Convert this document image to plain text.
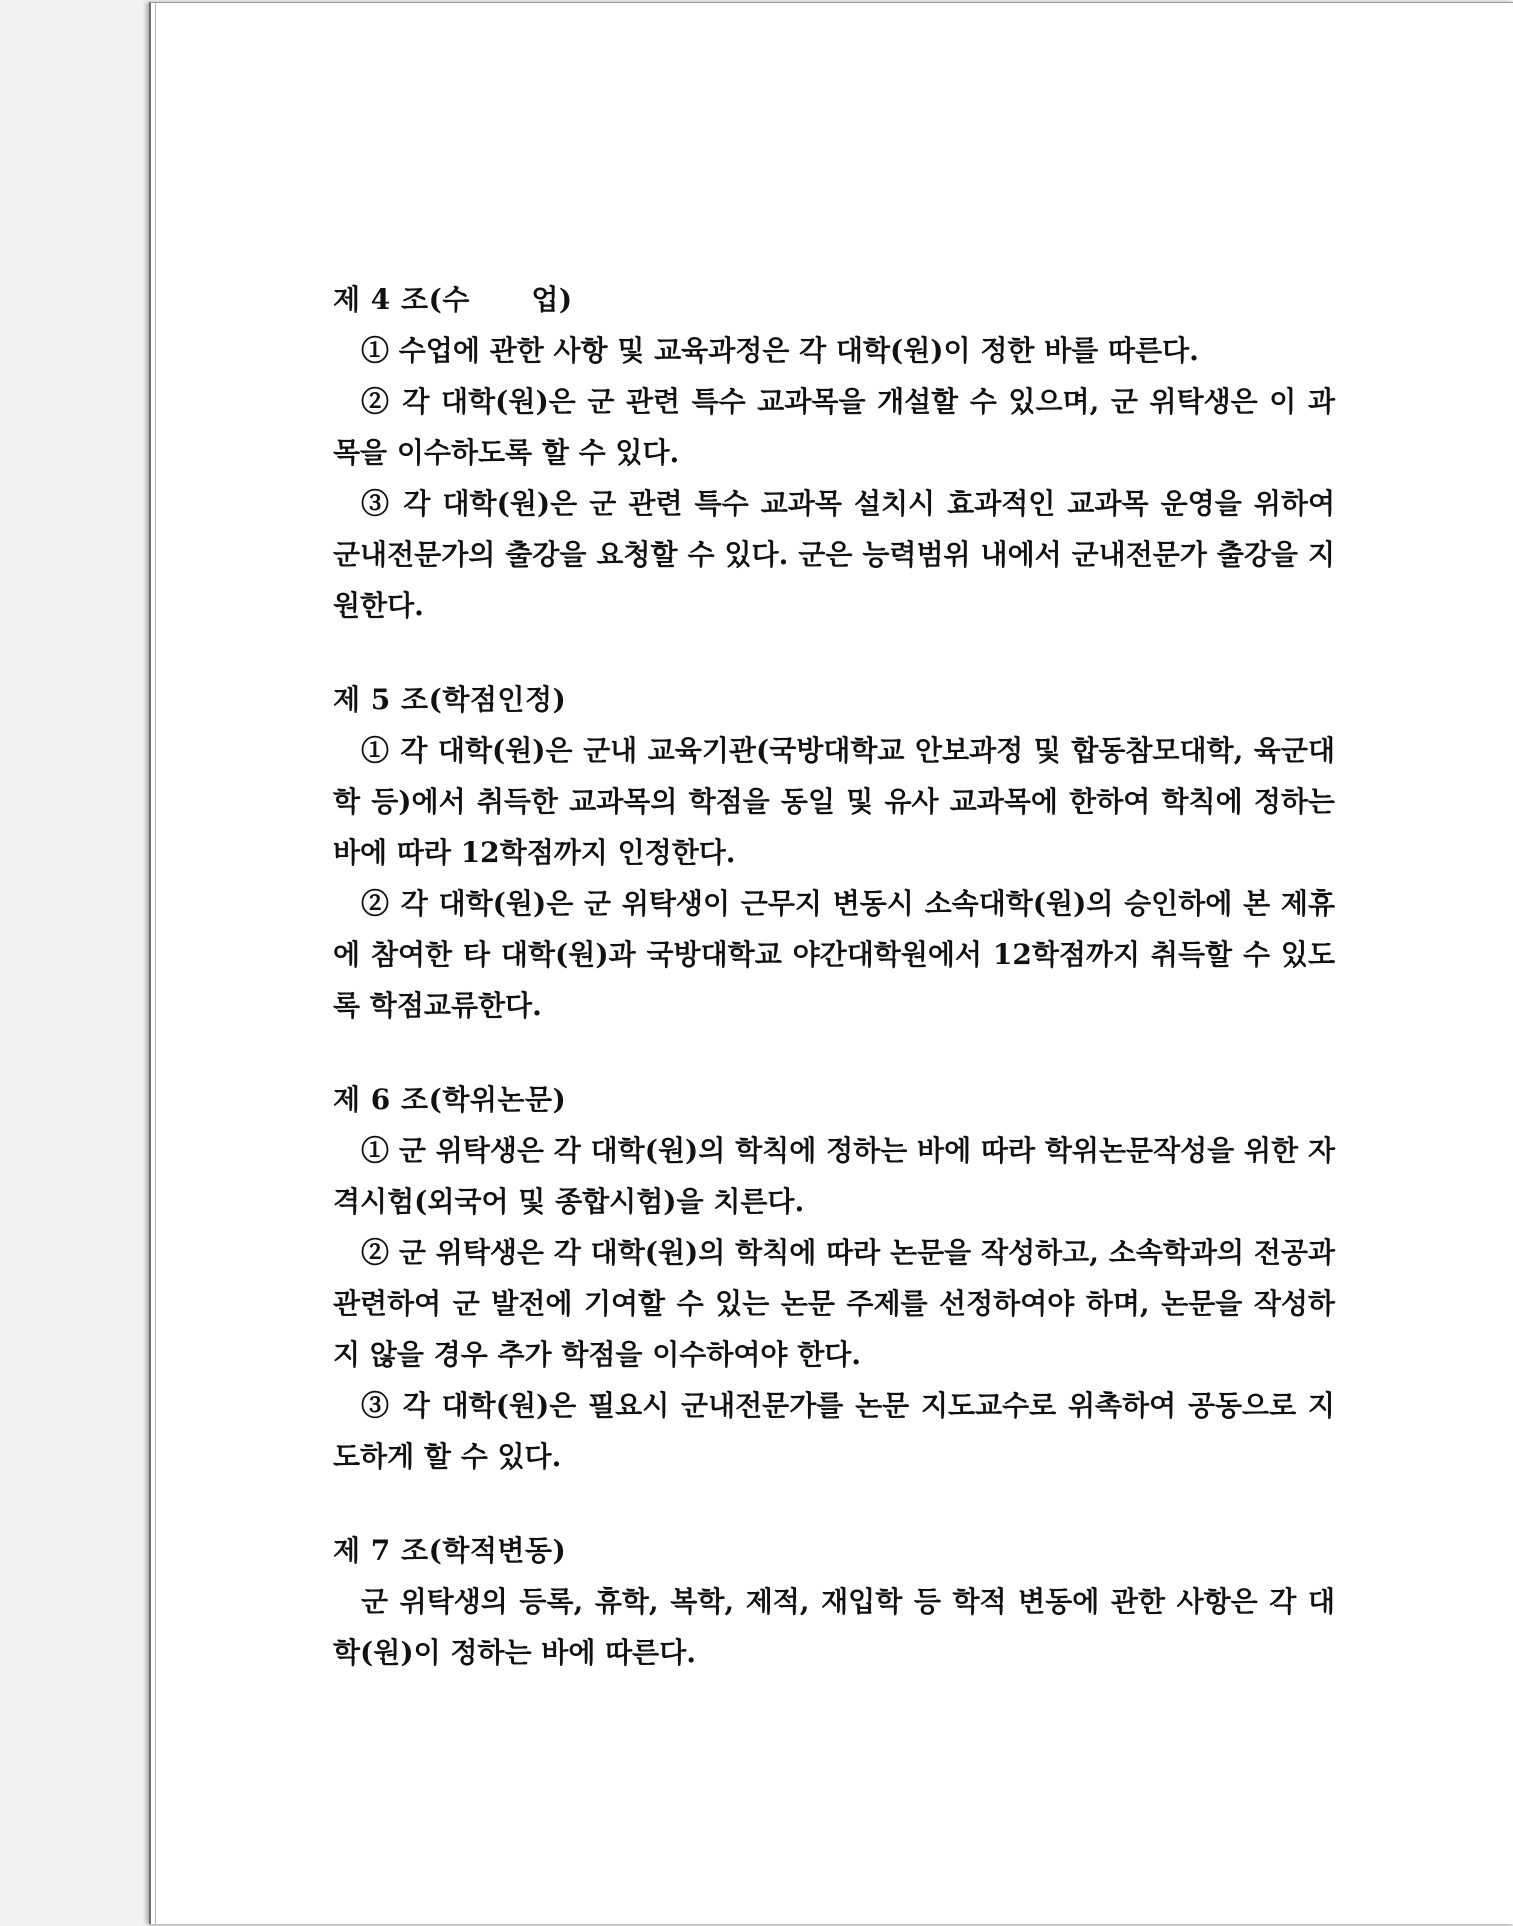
제 4 조(수      업)

① 수업에 관한 사항 및 교육과정은 각 대학(원)이 정한 바를 따른다.

② 각 대학(원)은 군 관련 특수 교과목을 개설할 수 있으며, 군 위탁생은 이 과목을 이수하도록 할 수 있다.

③ 각 대학(원)은 군 관련 특수 교과목 설치시 효과적인 교과목 운영을 위하여 군내전문가의 출강을 요청할 수 있다. 군은 능력범위 내에서 군내전문가 출강을 지원한다.

제 5 조(학점인정)

① 각 대학(원)은 군내 교육기관(국방대학교 안보과정 및 합동참모대학, 육군대학 등)에서 취득한 교과목의 학점을 동일 및 유사 교과목에 한하여 학칙에 정하는 바에 따라 12학점까지 인정한다.

② 각 대학(원)은 군 위탁생이 근무지 변동시 소속대학(원)의 승인하에 본 제휴에 참여한 타 대학(원)과 국방대학교 야간대학원에서 12학점까지 취득할 수 있도록 학점교류한다.

제 6 조(학위논문)

① 군 위탁생은 각 대학(원)의 학칙에 정하는 바에 따라 학위논문작성을 위한 자격시험(외국어 및 종합시험)을 치른다.

② 군 위탁생은 각 대학(원)의 학칙에 따라 논문을 작성하고, 소속학과의 전공과 관련하여 군 발전에 기여할 수 있는 논문 주제를 선정하여야 하며, 논문을 작성하지 않을 경우 추가 학점을 이수하여야 한다.

③ 각 대학(원)은 필요시 군내전문가를 논문 지도교수로 위촉하여 공동으로 지도하게 할 수 있다.

제 7 조(학적변동)

군 위탁생의 등록, 휴학, 복학, 제적, 재입학 등 학적 변동에 관한 사항은 각 대학(원)이 정하는 바에 따른다.
